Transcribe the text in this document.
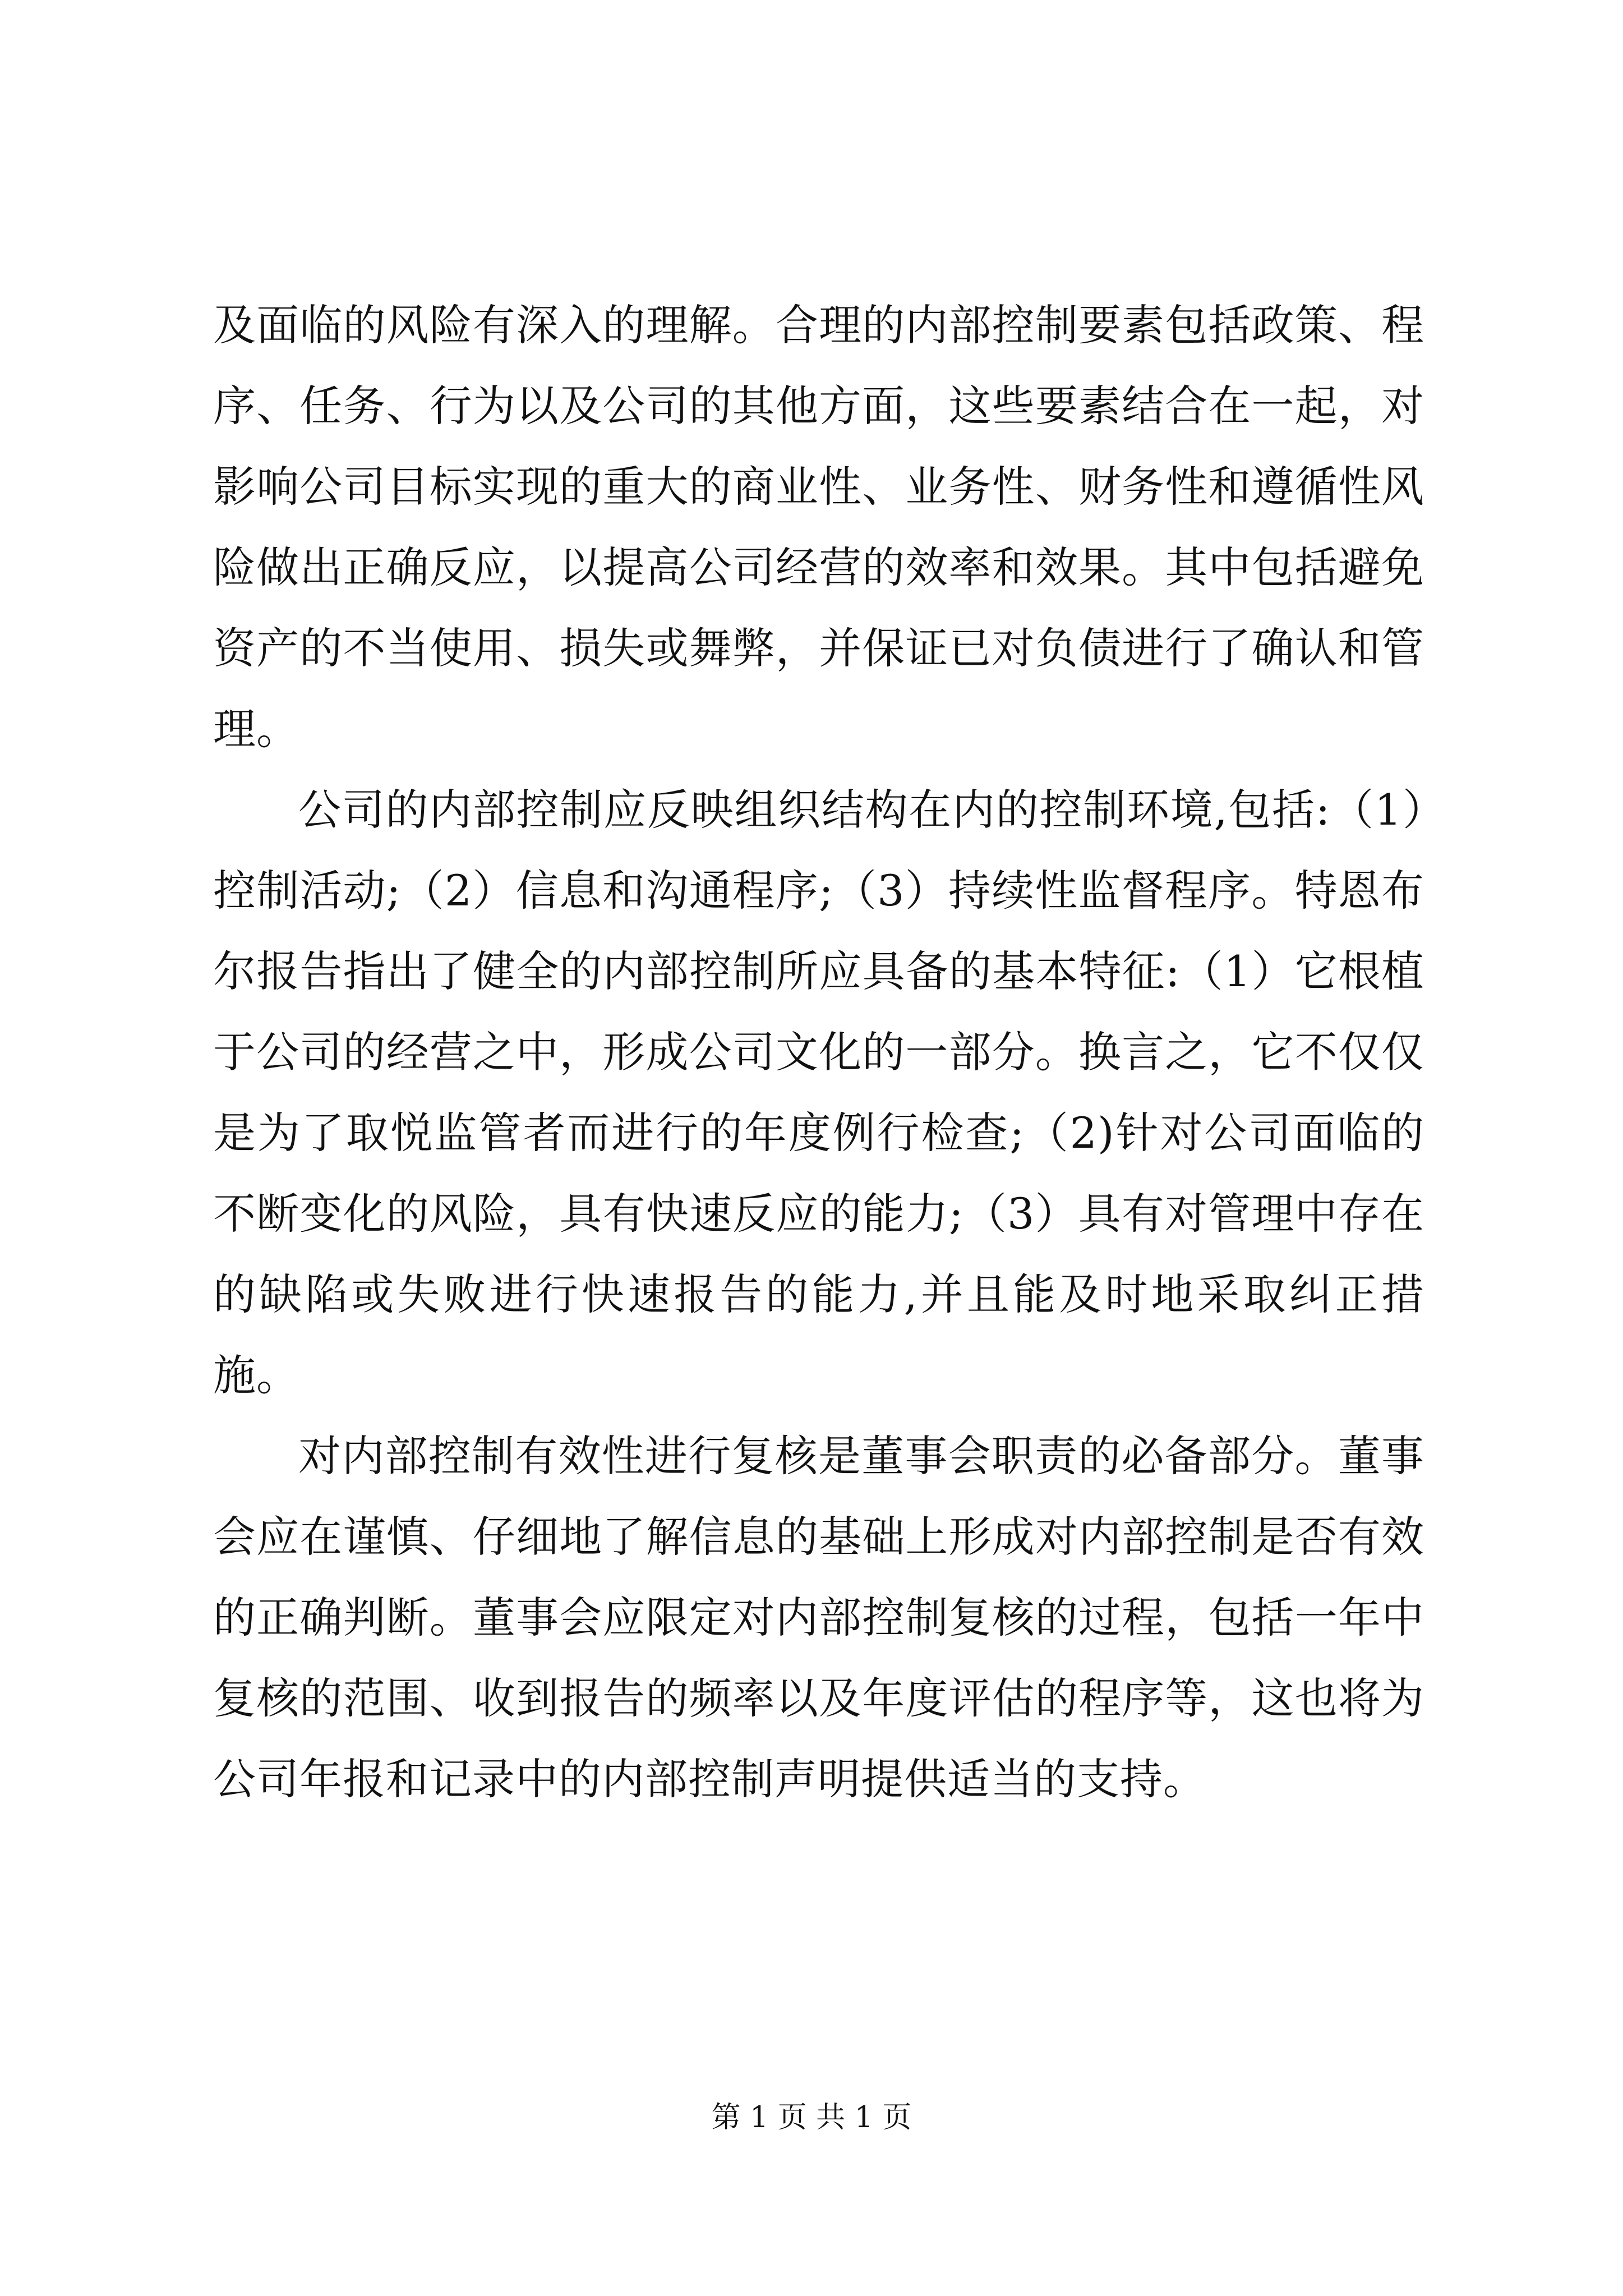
及面临的风险有深入的理解。合理的内部控制要素包括政策、程序、任务、行为以及公司的其他方面，这些要素结合在一起，对影响公司目标实现的重大的商业性、业务性、财务性和遵循性风险做出正确反应，以提高公司经营的效率和效果。其中包括避免资产的不当使用、损失或舞弊，并保证已对负债进行了确认和管理。

公司的内部控制应反映组织结构在内的控制环境,包括:（1）控制活动;（2）信息和沟通程序;（3）持续性监督程序。特恩布尔报告指出了健全的内部控制所应具备的基本特征:（1）它根植于公司的经营之中，形成公司文化的一部分。换言之，它不仅仅是为了取悦监管者而进行的年度例行检查;（2)针对公司面临的不断变化的风险，具有快速反应的能力;（3）具有对管理中存在的缺陷或失败进行快速报告的能力,并且能及时地采取纠正措施。

对内部控制有效性进行复核是董事会职责的必备部分。董事会应在谨慎、仔细地了解信息的基础上形成对内部控制是否有效的正确判断。董事会应限定对内部控制复核的过程，包括一年中复核的范围、收到报告的频率以及年度评估的程序等，这也将为公司年报和记录中的内部控制声明提供适当的支持。

第 1 页 共 1 页
